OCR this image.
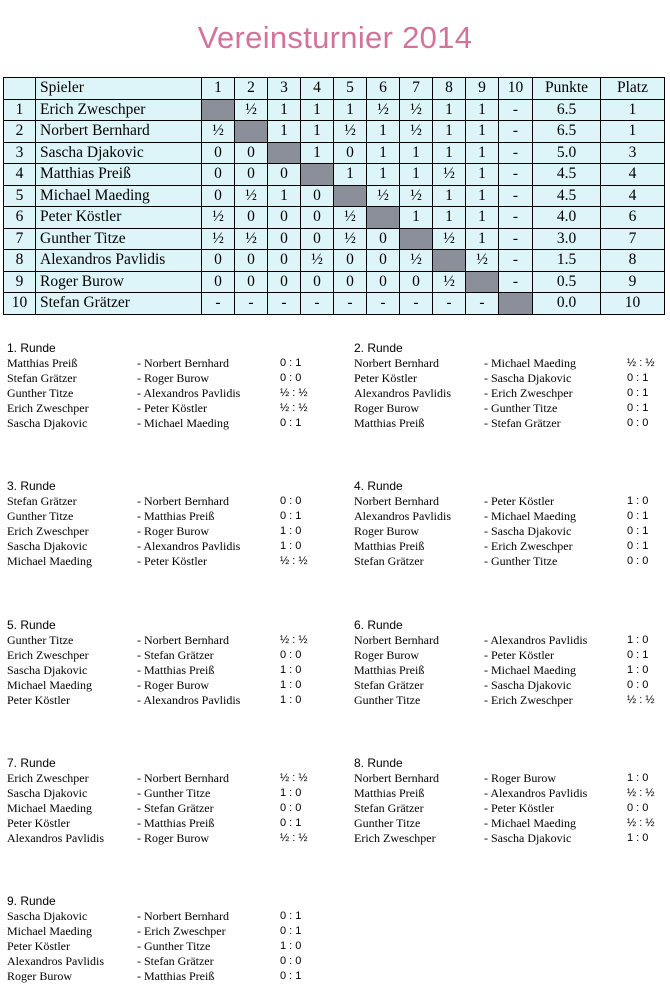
Vereinsturnier 2014
	Spieler	1	2	3	4	5	6	7	8	9	10	Punkte	Platz
1	Erich Zweschper		½	1	1	1	½	½	1	1	-	6.5	1
2	Norbert Bernhard	½		1	1	½	1	½	1	1	-	6.5	1
3	Sascha Djakovic	0	0		1	0	1	1	1	1	-	5.0	3
4	Matthias Preiß	0	0	0		1	1	1	½	1	-	4.5	4
5	Michael Maeding	0	½	1	0		½	½	1	1	-	4.5	4
6	Peter Köstler	½	0	0	0	½		1	1	1	-	4.0	6
7	Gunther Titze	½	½	0	0	½	0		½	1	-	3.0	7
8	Alexandros Pavlidis	0	0	0	½	0	0	½		½	-	1.5	8
9	Roger Burow	0	0	0	0	0	0	0	½		-	0.5	9
10	Stefan Grätzer	-	-	-	-	-	-	-	-	-		0.0	10
1. Runde
Matthias Preiß	- Norbert Bernhard	0 : 1
Stefan Grätzer	- Roger Burow	0 : 0
Gunther Titze	- Alexandros Pavlidis	½ : ½
Erich Zweschper	- Peter Köstler	½ : ½
Sascha Djakovic	- Michael Maeding	0 : 1
2. Runde
Norbert Bernhard	- Michael Maeding	½ : ½
Peter Köstler	- Sascha Djakovic	0 : 1
Alexandros Pavlidis	- Erich Zweschper	0 : 1
Roger Burow	- Gunther Titze	0 : 1
Matthias Preiß	- Stefan Grätzer	0 : 0
3. Runde
Stefan Grätzer	- Norbert Bernhard	0 : 0
Gunther Titze	- Matthias Preiß	0 : 1
Erich Zweschper	- Roger Burow	1 : 0
Sascha Djakovic	- Alexandros Pavlidis	1 : 0
Michael Maeding	- Peter Köstler	½ : ½
4. Runde
Norbert Bernhard	- Peter Köstler	1 : 0
Alexandros Pavlidis	- Michael Maeding	0 : 1
Roger Burow	- Sascha Djakovic	0 : 1
Matthias Preiß	- Erich Zweschper	0 : 1
Stefan Grätzer	- Gunther Titze	0 : 0
5. Runde
Gunther Titze	- Norbert Bernhard	½ : ½
Erich Zweschper	- Stefan Grätzer	0 : 0
Sascha Djakovic	- Matthias Preiß	1 : 0
Michael Maeding	- Roger Burow	1 : 0
Peter Köstler	- Alexandros Pavlidis	1 : 0
6. Runde
Norbert Bernhard	- Alexandros Pavlidis	1 : 0
Roger Burow	- Peter Köstler	0 : 1
Matthias Preiß	- Michael Maeding	1 : 0
Stefan Grätzer	- Sascha Djakovic	0 : 0
Gunther Titze	- Erich Zweschper	½ : ½
7. Runde
Erich Zweschper	- Norbert Bernhard	½ : ½
Sascha Djakovic	- Gunther Titze	1 : 0
Michael Maeding	- Stefan Grätzer	0 : 0
Peter Köstler	- Matthias Preiß	0 : 1
Alexandros Pavlidis	- Roger Burow	½ : ½
8. Runde
Norbert Bernhard	- Roger Burow	1 : 0
Matthias Preiß	- Alexandros Pavlidis	½ : ½
Stefan Grätzer	- Peter Köstler	0 : 0
Gunther Titze	- Michael Maeding	½ : ½
Erich Zweschper	- Sascha Djakovic	1 : 0
9. Runde
Sascha Djakovic	- Norbert Bernhard	0 : 1
Michael Maeding	- Erich Zweschper	0 : 1
Peter Köstler	- Gunther Titze	1 : 0
Alexandros Pavlidis	- Stefan Grätzer	0 : 0
Roger Burow	- Matthias Preiß	0 : 1
